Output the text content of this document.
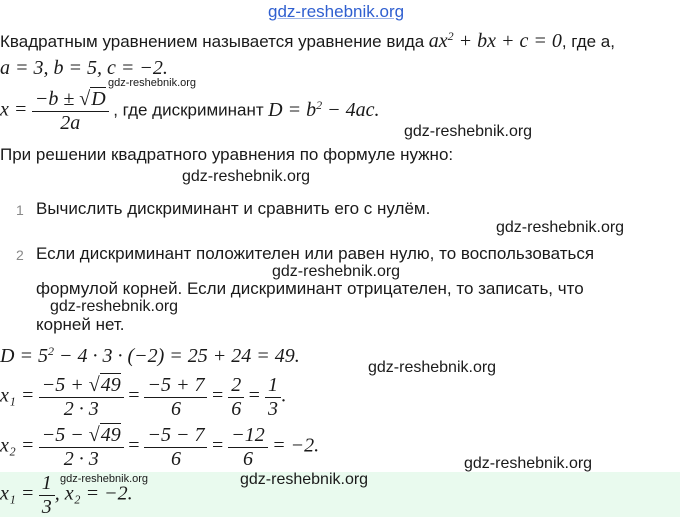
gdz-reshebnik.org
Квадратным уравнением называется уравнение вида $ax^2$ + bx + c = 0, где a,
a = 3, b = 5, c = −2.
gdz-reshebnik.org
$x = \frac{-b \pm √D}{2a}$ , где дискриминант $D = b^2 - 4ac$.
gdz-reshebnik.org
При решении квадратного уравнения по формуле нужно:
gdz-reshebnik.org
1 Вычислить дискриминант и сравнить его с нулём.
gdz-reshebnik.org
2 Если дискриминант положителен или равен нулю, то воспользоваться
gdz-reshebnik.org
формулой корней. Если дискриминант отрицателен, то записать, что
gdz-reshebnik.org
корней нет.
$D = 5^2 - 4 \cdot 3 \cdot (-2) = 25 + 24 = 49$.
gdz-reshebnik.org
$x_1 = \frac{-5 + √49}{2 \cdot 3} = \frac{-5 + 7}{6} = \frac{2}{6} = \frac{1}{3}$ .
$x_2 = \frac{-5 - √49}{2 \cdot 3} = \frac{-5 - 7}{6} = \frac{-12}{6} = -2$.
gdz-reshebnik.org
$x_1 = \frac{1}{3}$ , x₂ = −2.
gdz-reshebnik.org	gdz-reshebnik.org
